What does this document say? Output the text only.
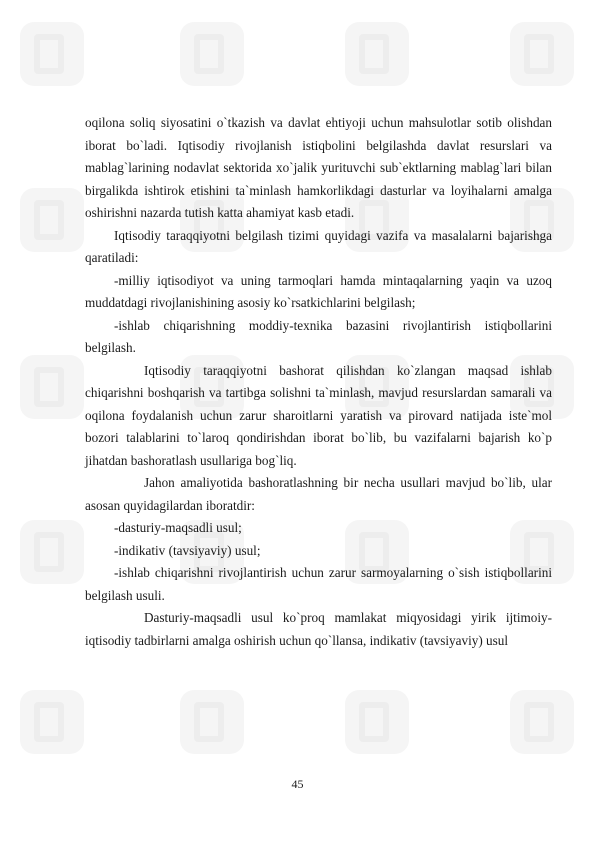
oqilona soliq siyosatini o`tkazish va davlat ehtiyoji uchun mahsulotlar sotib olishdan iborat bo`ladi. Iqtisodiy rivojlanish istiqbolini belgilashda davlat resurslari va mablag`larining nodavlat sektorida xo`jalik yurituvchi sub`ektlarning mablag`lari bilan birgalikda ishtirok etishini ta`minlash hamkorlikdagi dasturlar va loyihalarni amalga oshirishni nazarda tutish katta ahamiyat kasb etadi.

Iqtisodiy taraqqiyotni belgilash tizimi quyidagi vazifa va masalalarni bajarishga qaratiladi:

-milliy iqtisodiyot va uning tarmoqlari hamda mintaqalarning yaqin va uzoq muddatdagi rivojlanishining asosiy ko`rsatkichlarini belgilash;

-ishlab chiqarishning moddiy-texnika bazasini rivojlantirish istiqbollarini belgilash.

Iqtisodiy taraqqiyotni bashorat qilishdan ko`zlangan maqsad ishlab chiqarishni boshqarish va tartibga solishni ta`minlash, mavjud resurslardan samarali va oqilona foydalanish uchun zarur sharoitlarni yaratish va pirovard natijada iste`mol bozori talablarini to`laroq qondirishdan iborat bo`lib, bu vazifalarni bajarish ko`p jihatdan bashoratlash usullariga bog`liq.

Jahon amaliyotida bashoratlashning bir necha usullari mavjud bo`lib, ular asosan quyidagilardan iboratdir:

-dasturiy-maqsadli usul;

-indikativ (tavsiyaviy) usul;

-ishlab chiqarishni rivojlantirish uchun zarur sarmoyalarning o`sish istiqbollarini belgilash usuli.

Dasturiy-maqsadli usul ko`proq mamlakat miqyosidagi yirik ijtimoiy-iqtisodiy tadbirlarni amalga oshirish uchun qo`llansa, indikativ (tavsiyaviy) usul

45
